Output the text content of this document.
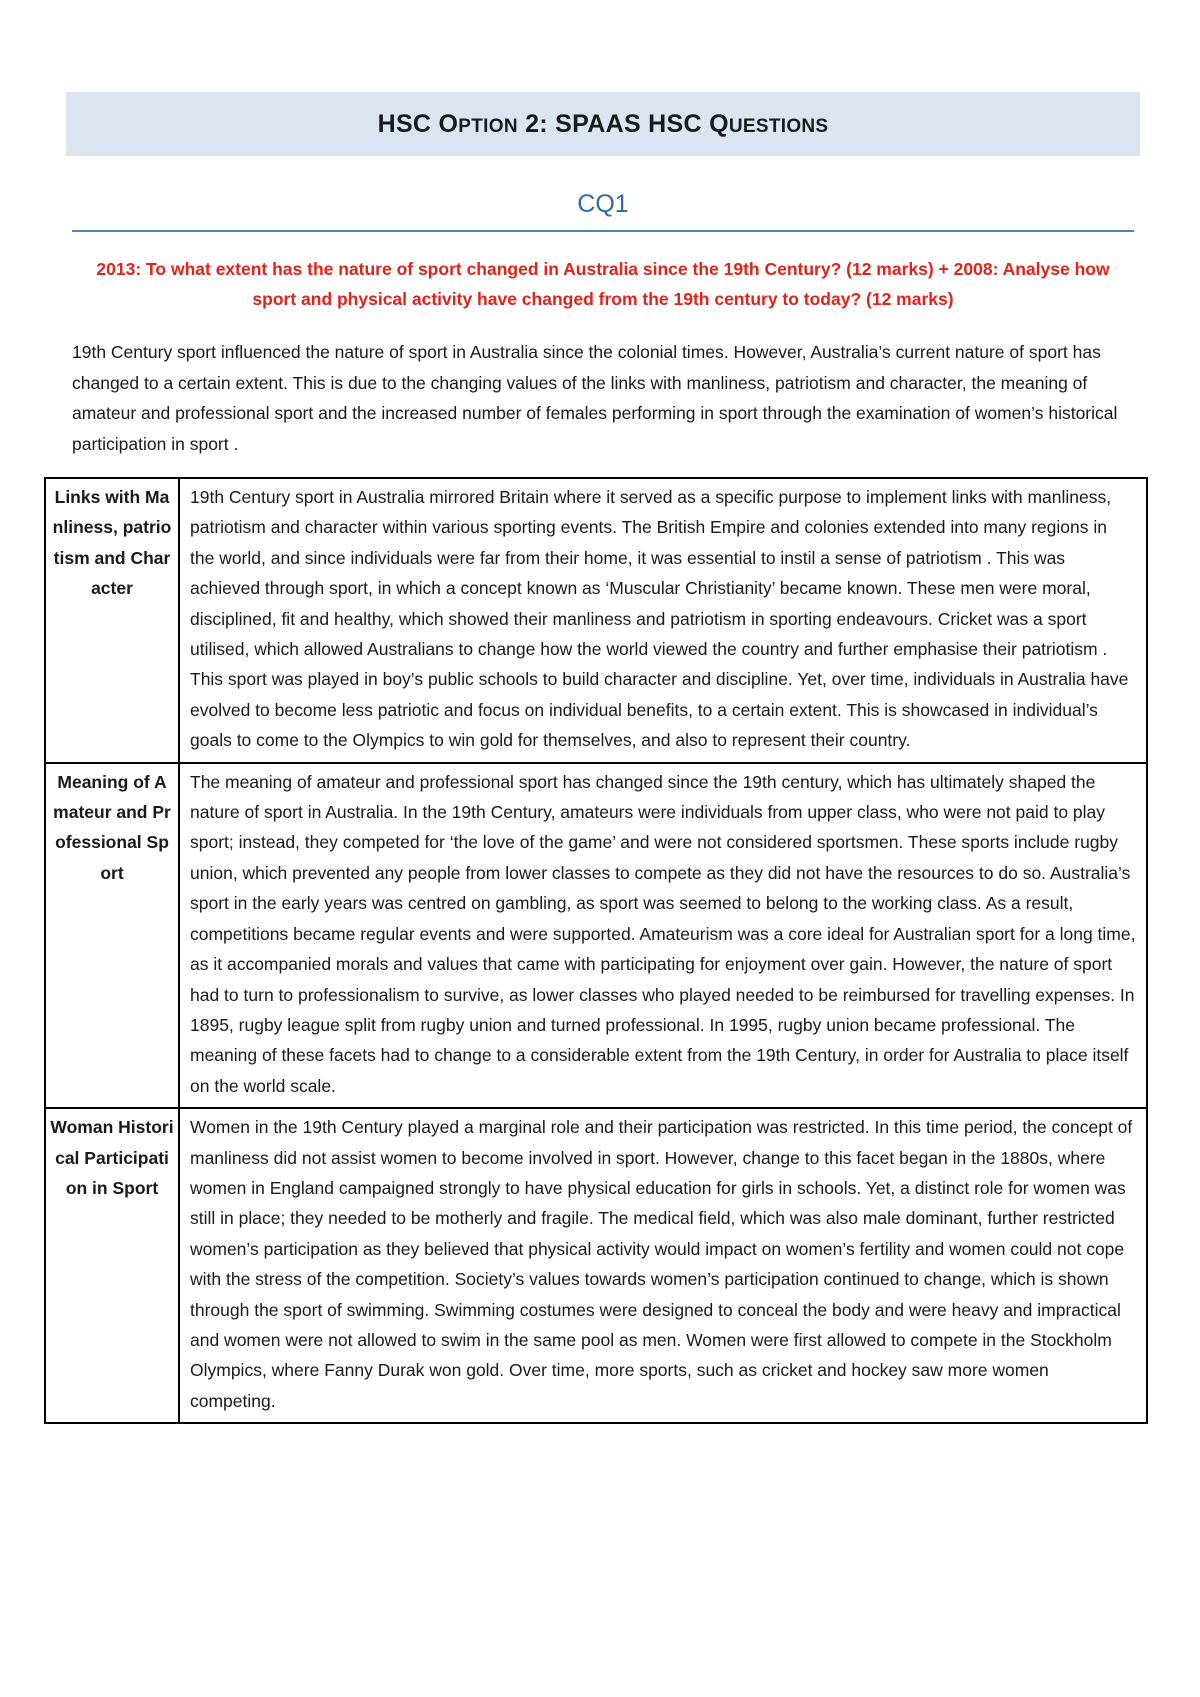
HSC OPTION 2: SPAAS HSC QUESTIONS
CQ1
2013: To what extent has the nature of sport changed in Australia since the 19th Century? (12 marks) + 2008: Analyse how sport and physical activity have changed from the 19th century to today? (12 marks)
19th Century sport influenced the nature of sport in Australia since the colonial times. However, Australia’s current nature of sport has changed to a certain extent. This is due to the changing values of the links with manliness, patriotism and character, the meaning of amateur and professional sport and the increased number of females performing in sport through the examination of women’s historical participation in sport .
Links with Manliness, patriotism and Character	19th Century sport in Australia mirrored Britain where it served as a specific purpose to implement links with manliness, patriotism and character within various sporting events. The British Empire and colonies extended into many regions in the world, and since individuals were far from their home, it was essential to instil a sense of patriotism . This was achieved through sport, in which a concept known as ‘Muscular Christianity’ became known. These men were moral, disciplined, fit and healthy, which showed their manliness and patriotism in sporting endeavours. Cricket was a sport utilised, which allowed Australians to change how the world viewed the country and further emphasise their patriotism . This sport was played in boy’s public schools to build character and discipline. Yet, over time, individuals in Australia have evolved to become less patriotic and focus on individual benefits, to a certain extent. This is showcased in individual’s goals to come to the Olympics to win gold for themselves, and also to represent their country.
Meaning of Amateur and Professional Sport	The meaning of amateur and professional sport has changed since the 19th century, which has ultimately shaped the nature of sport in Australia. In the 19th Century, amateurs were individuals from upper class, who were not paid to play sport; instead, they competed for ‘the love of the game’ and were not considered sportsmen. These sports include rugby union, which prevented any people from lower classes to compete as they did not have the resources to do so. Australia’s sport in the early years was centred on gambling, as sport was seemed to belong to the working class. As a result, competitions became regular events and were supported. Amateurism was a core ideal for Australian sport for a long time, as it accompanied morals and values that came with participating for enjoyment over gain. However, the nature of sport had to turn to professionalism to survive, as lower classes who played needed to be reimbursed for travelling expenses. In 1895, rugby league split from rugby union and turned professional. In 1995, rugby union became professional. The meaning of these facets had to change to a considerable extent from the 19th Century, in order for Australia to place itself on the world scale.
Woman Historical Participation in Sport	Women in the 19th Century played a marginal role and their participation was restricted. In this time period, the concept of manliness did not assist women to become involved in sport. However, change to this facet began in the 1880s, where women in England campaigned strongly to have physical education for girls in schools. Yet, a distinct role for women was still in place; they needed to be motherly and fragile. The medical field, which was also male dominant, further restricted women’s participation as they believed that physical activity would impact on women’s fertility and women could not cope with the stress of the competition. Society’s values towards women’s participation continued to change, which is shown through the sport of swimming. Swimming costumes were designed to conceal the body and were heavy and impractical and women were not allowed to swim in the same pool as men. Women were first allowed to compete in the Stockholm Olympics, where Fanny Durak won gold. Over time, more sports, such as cricket and hockey saw more women competing.
